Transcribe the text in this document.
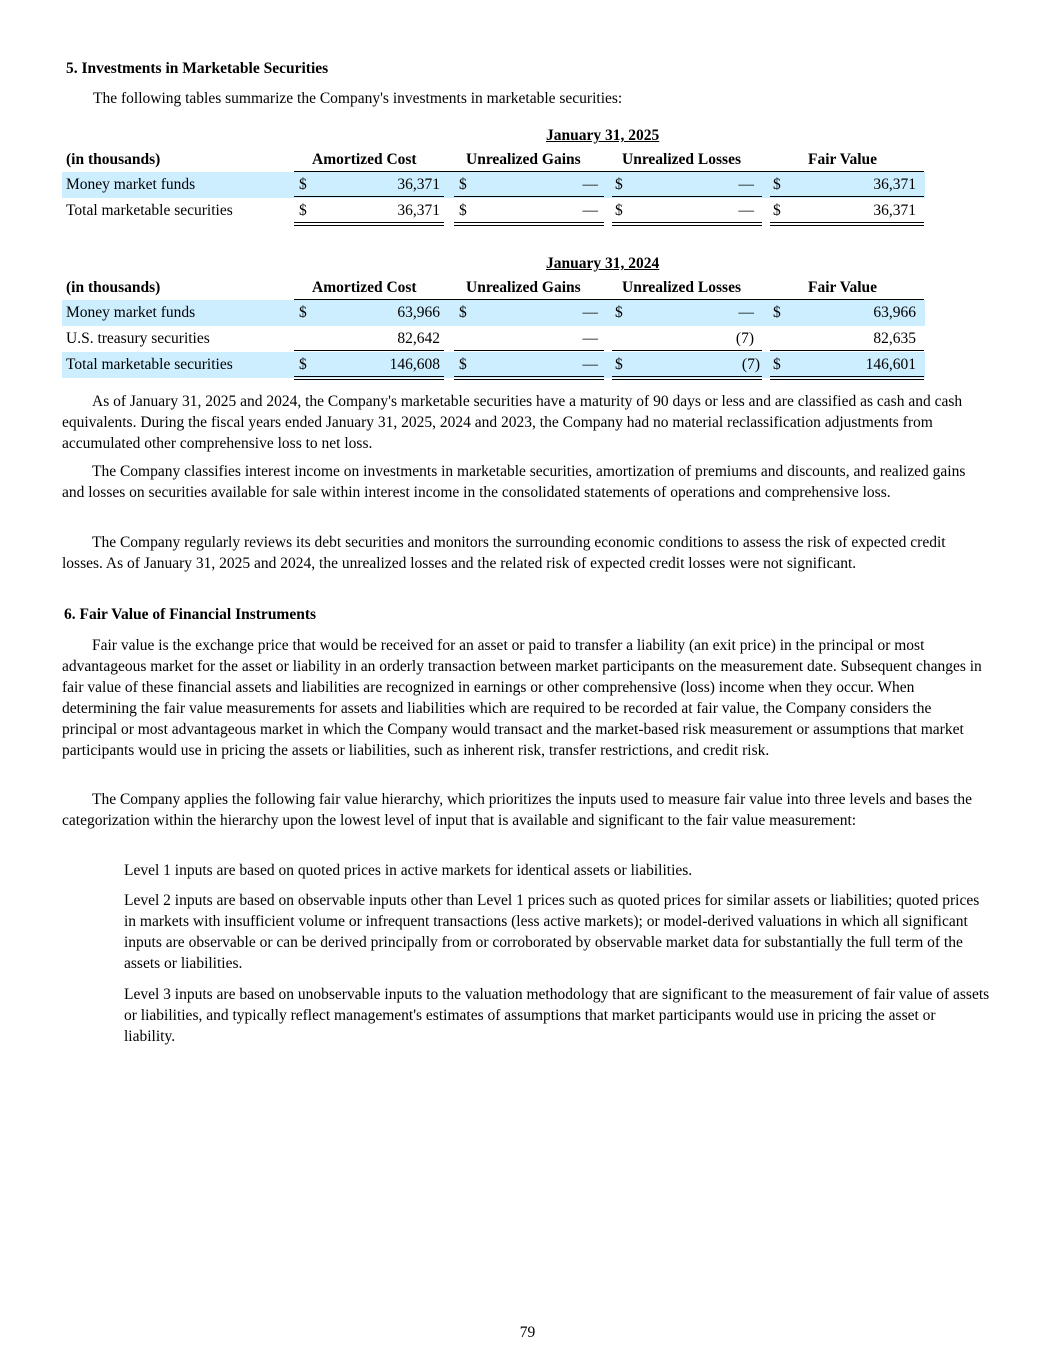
5. Investments in Marketable Securities
The following tables summarize the Company's investments in marketable securities:
January 31, 2025
(in thousands)	Amortized Cost	Unrealized Gains	Unrealized Losses	Fair Value
Money market funds	$	36,371 $	— $	— $	36,371
Total marketable securities	$	36,371 $	— $	— $	36,371
January 31, 2024
(in thousands)	Amortized Cost	Unrealized Gains	Unrealized Losses	Fair Value
Money market funds	$	63,966 $	— $	— $	63,966
U.S. treasury securities	82,642	—	(7)	82,635
Total marketable securities	$	146,608 $	— $	(7) $	146,601
As of January 31, 2025 and 2024, the Company's marketable securities have a maturity of 90 days or less and are classified as cash and cash equivalents. During the fiscal years ended January 31, 2025, 2024 and 2023, the Company had no material reclassification adjustments from accumulated other comprehensive loss to net loss.
The Company classifies interest income on investments in marketable securities, amortization of premiums and discounts, and realized gains and losses on securities available for sale within interest income in the consolidated statements of operations and comprehensive loss.
The Company regularly reviews its debt securities and monitors the surrounding economic conditions to assess the risk of expected credit losses. As of January 31, 2025 and 2024, the unrealized losses and the related risk of expected credit losses were not significant.
6. Fair Value of Financial Instruments
Fair value is the exchange price that would be received for an asset or paid to transfer a liability (an exit price) in the principal or most advantageous market for the asset or liability in an orderly transaction between market participants on the measurement date. Subsequent changes in fair value of these financial assets and liabilities are recognized in earnings or other comprehensive (loss) income when they occur. When determining the fair value measurements for assets and liabilities which are required to be recorded at fair value, the Company considers the principal or most advantageous market in which the Company would transact and the market-based risk measurement or assumptions that market participants would use in pricing the assets or liabilities, such as inherent risk, transfer restrictions, and credit risk.
The Company applies the following fair value hierarchy, which prioritizes the inputs used to measure fair value into three levels and bases the categorization within the hierarchy upon the lowest level of input that is available and significant to the fair value measurement:
Level 1 inputs are based on quoted prices in active markets for identical assets or liabilities.
Level 2 inputs are based on observable inputs other than Level 1 prices such as quoted prices for similar assets or liabilities; quoted prices in markets with insufficient volume or infrequent transactions (less active markets); or model-derived valuations in which all significant inputs are observable or can be derived principally from or corroborated by observable market data for substantially the full term of the assets or liabilities.
Level 3 inputs are based on unobservable inputs to the valuation methodology that are significant to the measurement of fair value of assets or liabilities, and typically reflect management's estimates of assumptions that market participants would use in pricing the asset or liability.
79
